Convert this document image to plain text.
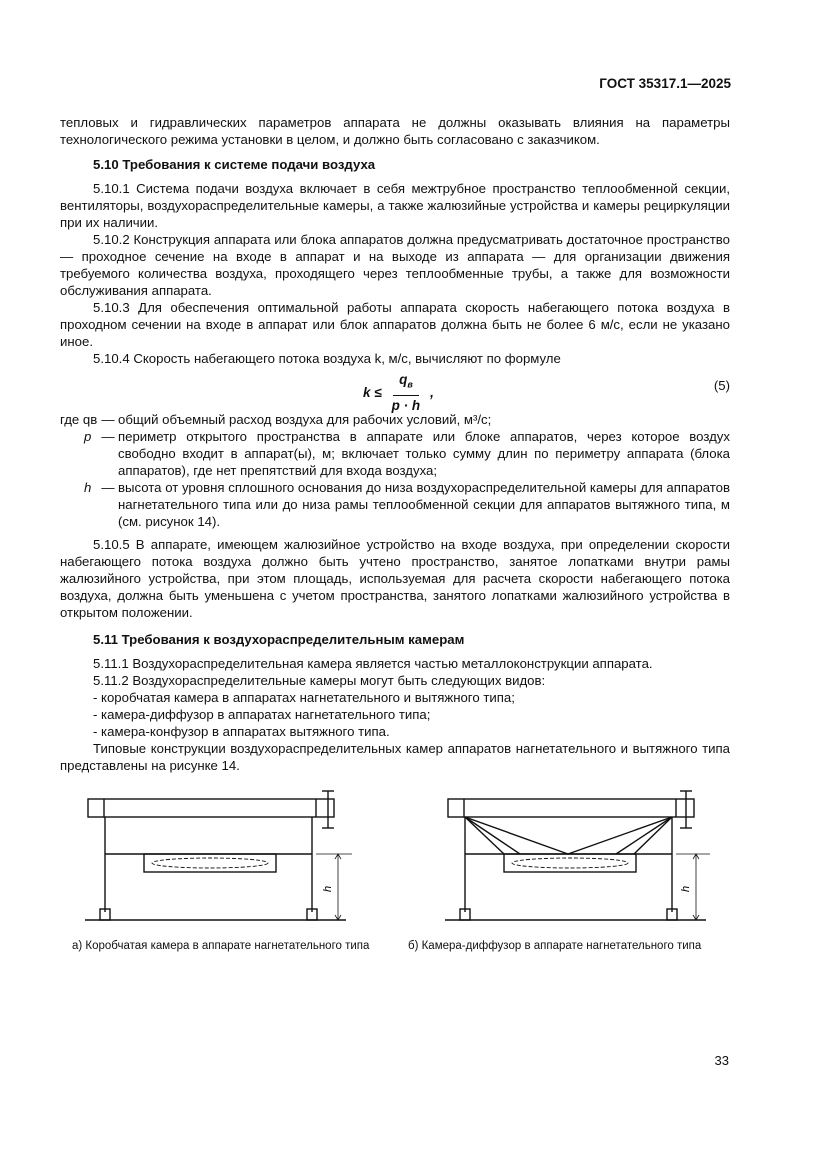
ГОСТ 35317.1—2025

тепловых и гидравлических параметров аппарата не должны оказывать влияния на параметры технологического режима установки в целом, и должно быть согласовано с заказчиком.

5.10 Требования к системе подачи воздуха

5.10.1 Система подачи воздуха включает в себя межтрубное пространство теплообменной секции, вентиляторы, воздухораспределительные камеры, а также жалюзийные устройства и камеры рециркуляции при их наличии.

5.10.2 Конструкция аппарата или блока аппаратов должна предусматривать достаточное пространство — проходное сечение на входе в аппарат и на выходе из аппарата — для организации движения требуемого количества воздуха, проходящего через теплообменные трубы, а также для возможности обслуживания аппарата.

5.10.3 Для обеспечения оптимальной работы аппарата скорость набегающего потока воздуха в проходном сечении на входе в аппарат или блок аппаратов должна быть не более 6 м/с, если не указано иное.

5.10.4 Скорость набегающего потока воздуха k, м/с, вычисляют по формуле

$k \le \frac{q_в}{p \cdot h}$ ,	(5)
где qв — общий объемный расход воздуха для рабочих условий, м³/с;
p — периметр открытого пространства в аппарате или блоке аппаратов, через которое воздух свободно входит в аппарат(ы), м; включает только сумму длин по периметру аппарата (блока аппаратов), где нет препятствий для входа воздуха;
h — высота от уровня сплошного основания до низа воздухораспределительной камеры для аппаратов нагнетательного типа или до низа рамы теплообменной секции для аппаратов вытяжного типа, м (см. рисунок 14).

5.10.5 В аппарате, имеющем жалюзийное устройство на входе воздуха, при определении скорости набегающего потока воздуха должно быть учтено пространство, занятое лопатками внутри рамы жалюзийного устройства, при этом площадь, используемая для расчета скорости набегающего потока воздуха, должна быть уменьшена с учетом пространства, занятого лопатками жалюзийного устройства в открытом положении.

5.11 Требования к воздухораспределительным камерам

5.11.1 Воздухораспределительная камера является частью металлоконструкции аппарата.

5.11.2 Воздухораспределительные камеры могут быть следующих видов:

- коробчатая камера в аппаратах нагнетательного и вытяжного типа;
- камера-диффузор в аппаратах нагнетательного типа;
- камера-конфузор в аппаратах вытяжного типа.

Типовые конструкции воздухораспределительных камер аппаратов нагнетательного и вытяжного типа представлены на рисунке 14.

h	h
а) Коробчатая камера в аппарате нагнетательного типа	б) Камера-диффузор в аппарате нагнетательного типа
33
